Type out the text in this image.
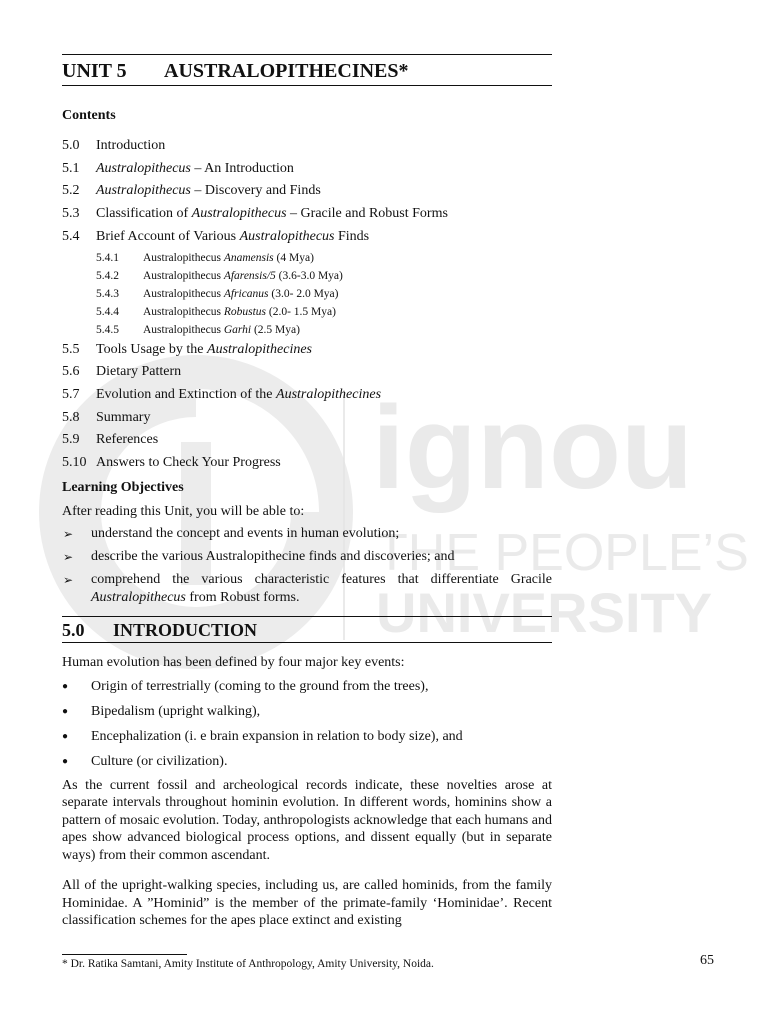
ignou
THE PEOPLE’S
UNIVERSITY
UNIT 5 AUSTRALOPITHECINES*
Contents
5.0 Introduction
5.1 Australopithecus – An Introduction
5.2 Australopithecus – Discovery and Finds
5.3 Classification of Australopithecus – Gracile and Robust Forms
5.4 Brief Account of Various Australopithecus Finds
5.4.1 Australopithecus Anamensis (4 Mya)
5.4.2 Australopithecus Afarensis/5 (3.6-3.0 Mya)
5.4.3 Australopithecus Africanus (3.0- 2.0 Mya)
5.4.4 Australopithecus Robustus (2.0- 1.5 Mya)
5.4.5 Australopithecus Garhi (2.5 Mya)
5.5 Tools Usage by the Australopithecines
5.6 Dietary Pattern
5.7 Evolution and Extinction of the Australopithecines
5.8 Summary
5.9 References
5.10 Answers to Check Your Progress
Learning Objectives

After reading this Unit, you will be able to:

➢ understand the concept and events in human evolution;
➢ describe the various Australopithecine finds and discoveries; and
➢ comprehend the various characteristic features that differentiate Gracile Australopithecus from Robust forms.
5.0 INTRODUCTION

Human evolution has been defined by four major key events:

● Origin of terrestrially (coming to the ground from the trees),
● Bipedalism (upright walking),
● Encephalization (i. e brain expansion in relation to body size), and
● Culture (or civilization).

As the current fossil and archeological records indicate, these novelties arose at separate intervals throughout hominin evolution. In different words, hominins show a pattern of mosaic evolution. Today, anthropologists acknowledge that each humans and apes show advanced biological process options, and dissent equally (but in separate ways) from their common ascendant.

All of the upright-walking species, including us, are called hominids, from the family Hominidae. A ”Hominid” is the member of the primate-family ‘Hominidae’. Recent classification schemes for the apes place extinct and existing

* Dr. Ratika Samtani, Amity Institute of Anthropology, Amity University, Noida.	65
